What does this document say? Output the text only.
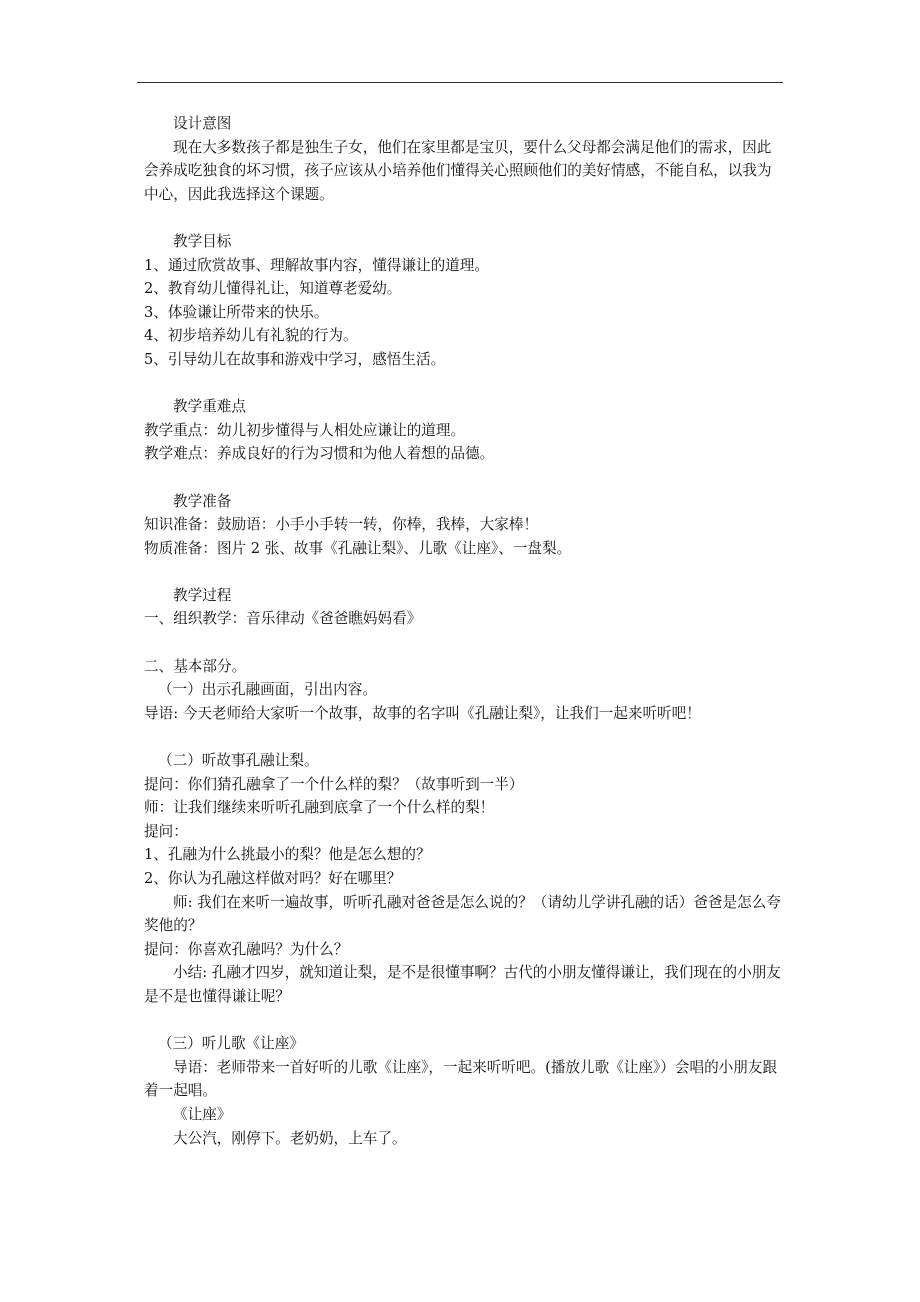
设计意图
现在大多数孩子都是独生子女，他们在家里都是宝贝，要什么父母都会满足他们的需求，因此会养成吃独食的坏习惯，孩子应该从小培养他们懂得关心照顾他们的美好情感，不能自私，以我为中心，因此我选择这个课题。
教学目标
1、通过欣赏故事、理解故事内容，懂得谦让的道理。
2、教育幼儿懂得礼让，知道尊老爱幼。
3、体验谦让所带来的快乐。
4、初步培养幼儿有礼貌的行为。
5、引导幼儿在故事和游戏中学习，感悟生活。
教学重难点
教学重点：幼儿初步懂得与人相处应谦让的道理。
教学难点：养成良好的行为习惯和为他人着想的品德。
教学准备
知识准备：鼓励语：小手小手转一转，你棒，我棒，大家棒！
物质准备：图片 2 张、故事《孔融让梨》、儿歌《让座》、一盘梨。
教学过程
一、组织教学：音乐律动《爸爸瞧妈妈看》
二、基本部分。
（一）出示孔融画面，引出内容。
导语: 今天老师给大家听一个故事，故事的名字叫《孔融让梨》，让我们一起来听听吧！
（二）听故事孔融让梨。
提问：你们猜孔融拿了一个什么样的梨？（故事听到一半）
师：让我们继续来听听孔融到底拿了一个什么样的梨！
提问：
1、孔融为什么挑最小的梨？他是怎么想的？
2、你认为孔融这样做对吗？好在哪里？
师: 我们在来听一遍故事，听听孔融对爸爸是怎么说的？（请幼儿学讲孔融的话）爸爸是怎么夸奖他的？
提问：你喜欢孔融吗？为什么？
小结: 孔融才四岁，就知道让梨，是不是很懂事啊？古代的小朋友懂得谦让，我们现在的小朋友是不是也懂得谦让呢？
（三）听儿歌《让座》
导语：老师带来一首好听的儿歌《让座》，一起来听听吧。(播放儿歌《让座》）会唱的小朋友跟着一起唱。
《让座》
大公汽，刚停下。老奶奶，上车了。
